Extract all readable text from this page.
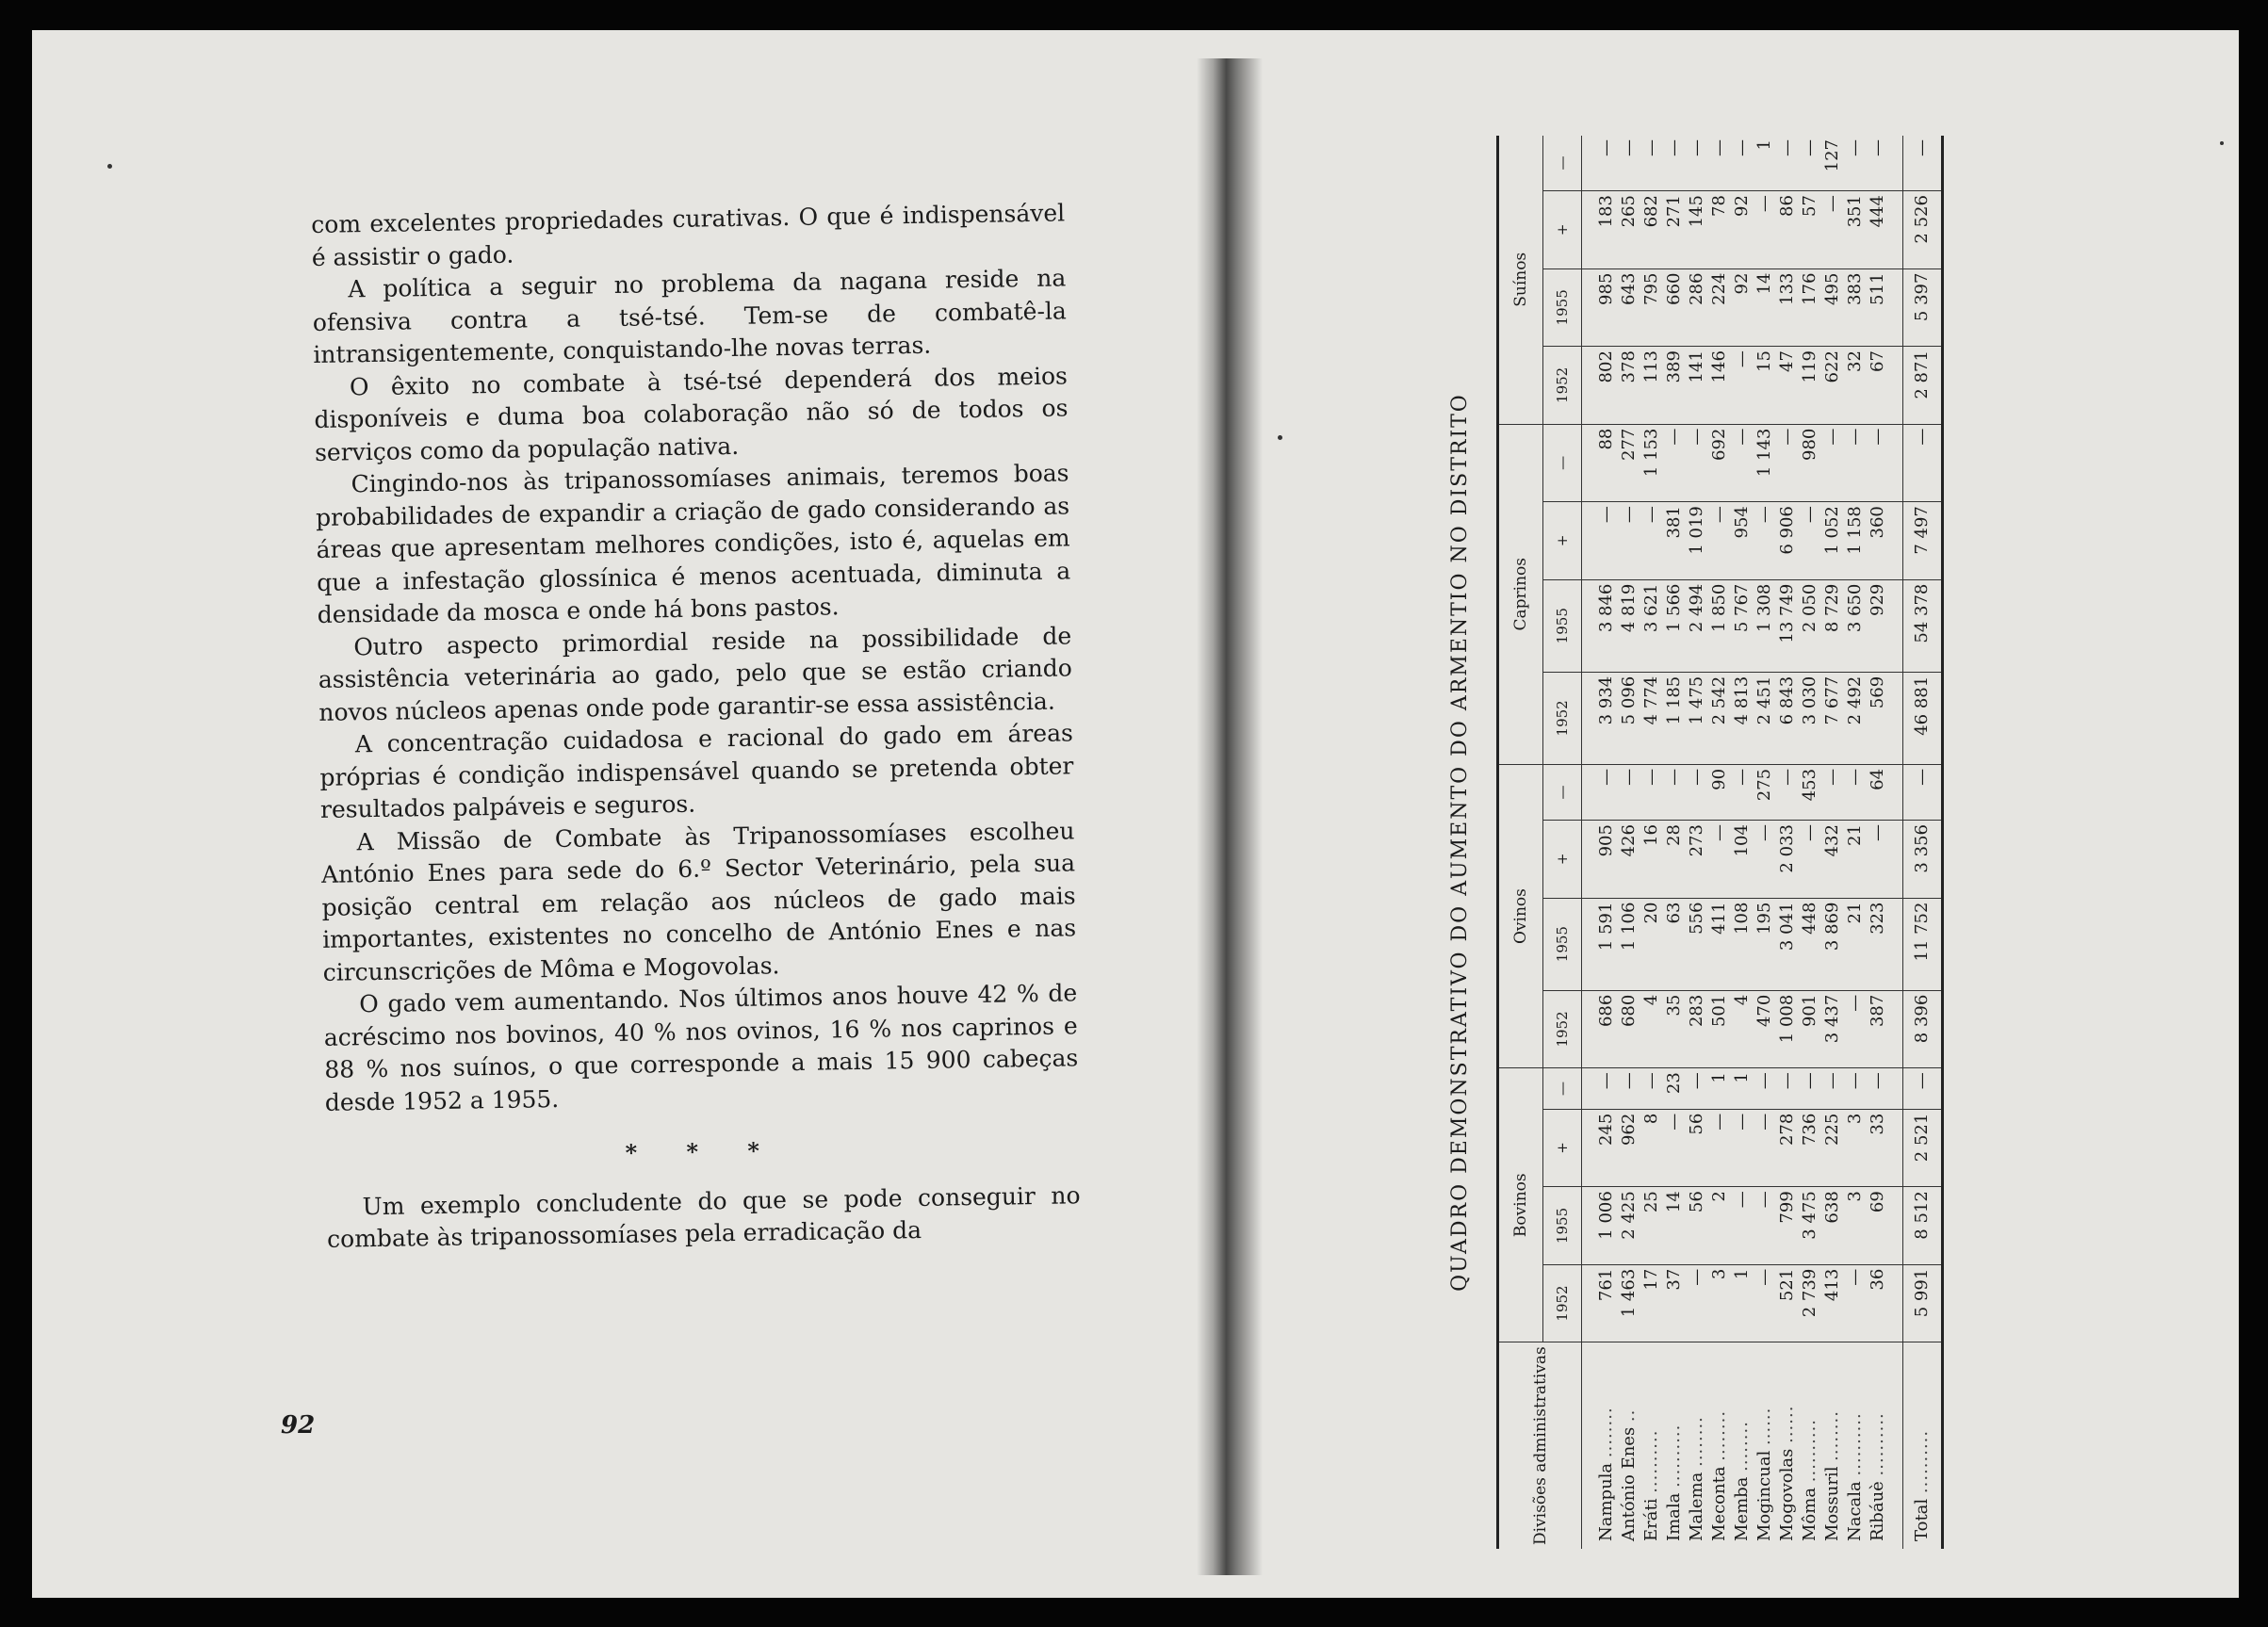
com excelentes propriedades curativas. O que é indispensável é assistir o gado.

A política a seguir no problema da nagana reside na ofensiva contra a tsé-tsé. Tem-se de combatê-la intransigentemente, conquistando-lhe novas terras.

O êxito no combate à tsé-tsé dependerá dos meios disponíveis e duma boa colaboração não só de todos os serviços como da população nativa.

Cingindo-nos às tripanossomíases animais, teremos boas probabilidades de expandir a criação de gado considerando as áreas que apresentam melhores condições, isto é, aquelas em que a infestação glossínica é menos acentuada, diminuta a densidade da mosca e onde há bons pastos.

Outro aspecto primordial reside na possibilidade de assistência veterinária ao gado, pelo que se estão criando novos núcleos apenas onde pode garantir-se essa assistência.

A concentração cuidadosa e racional do gado em áreas próprias é condição indispensável quando se pretenda obter resultados palpáveis e seguros.

A Missão de Combate às Tripanossomíases escolheu António Enes para sede do 6.º Sector Veterinário, pela sua posição central em relação aos núcleos de gado mais importantes, existentes no concelho de António Enes e nas circunscrições de Môma e Mogovolas.

O gado vem aumentando. Nos últimos anos houve 42 % de acréscimo nos bovinos, 40 % nos ovinos, 16 % nos caprinos e 88 % nos suínos, o que corresponde a mais 15 900 cabeças desde 1952 a 1955.

* * *

Um exemplo concludente do que se pode conseguir no combate às tripanossomíases pela erradicação da

92
QUADRO DEMONSTRATIVO DO AUMENTO DO ARMENTIO NO DISTRITO
Divisões administrativas	Bovinos				Ovinos				Caprinos				Suínos			
	1952	1955	+	—	1952	1955	+	—	1952	1955	+	—	1952	1955	+	—

Nampula ........	761	1 006	245	—	686	1 591	905	—	3 934	3 846	—	88	802	985	183	—
António Enes ..	1 463	2 425	962	—	680	1 106	426	—	5 096	4 819	—	277	378	643	265	—
Eráti ..........	17	25	8	—	4	20	16	—	4 774	3 621	—	1 153	113	795	682	—
Imala ..........	37	14	—	23	35	63	28	—	1 185	1 566	381	—	389	660	271	—
Malema ........	—	56	56	—	283	556	273	—	1 475	2 494	1 019	—	141	286	145	—
Meconta ........	3	2	—	1	501	411	—	90	2 542	1 850	—	692	146	224	78	—
Memba ........	1	—	—	1	4	108	104	—	4 813	5 767	954	—	—	92	92	—
Mogincual ......	—	—	—	—	470	195	—	275	2 451	1 308	—	1 143	15	14	—	1
Mogovolas ......	521	799	278	—	1 008	3 041	2 033	—	6 843	13 749	6 906	—	47	133	86	—
Môma ..........	2 739	3 475	736	—	901	448	—	453	3 030	2 050	—	980	119	176	57	—
Mossuril ........	413	638	225	—	3 437	3 869	432	—	7 677	8 729	1 052	—	622	495	—	127
Nacala ..........	—	3	3	—	—	21	21	—	2 492	3 650	1 158	—	32	383	351	—
Ribáuè ..........	36	69	33	—	387	323	—	64	569	929	360	—	67	511	444	—

Total ..........	5 991	8 512	2 521	—	8 396	11 752	3 356	—	46 881	54 378	7 497	—	2 871	5 397	2 526	—
